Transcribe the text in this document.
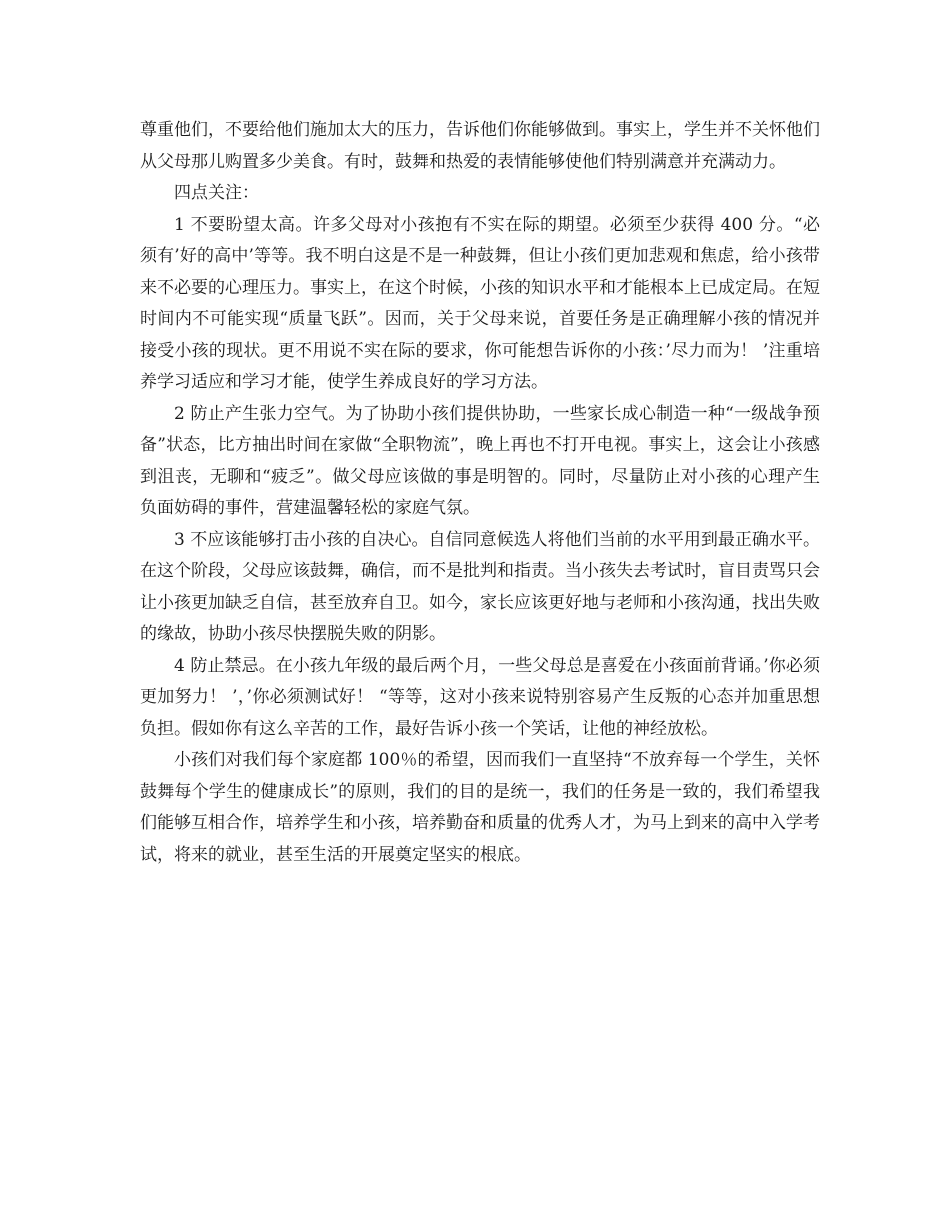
尊重他们，不要给他们施加太大的压力，告诉他们你能够做到。事实上，学生并不关怀他们从父母那儿购置多少美食。有时，鼓舞和热爱的表情能够使他们特别满意并充满动力。

四点关注：

1 不要盼望太高。许多父母对小孩抱有不实在际的期望。必须至少获得 400 分。“必须有’好的高中’等等。我不明白这是不是一种鼓舞，但让小孩们更加悲观和焦虑，给小孩带来不必要的心理压力。事实上，在这个时候，小孩的知识水平和才能根本上已成定局。在短时间内不可能实现“质量飞跃”。因而，关于父母来说，首要任务是正确理解小孩的情况并接受小孩的现状。更不用说不实在际的要求，你可能想告诉你的小孩：’尽力而为！ ’注重培养学习适应和学习才能，使学生养成良好的学习方法。

2 防止产生张力空气。为了协助小孩们提供协助，一些家长成心制造一种“一级战争预备”状态，比方抽出时间在家做“全职物流”，晚上再也不打开电视。事实上，这会让小孩感到沮丧，无聊和“疲乏”。做父母应该做的事是明智的。同时，尽量防止对小孩的心理产生负面妨碍的事件，营建温馨轻松的家庭气氛。

3 不应该能够打击小孩的自决心。自信同意候选人将他们当前的水平用到最正确水平。在这个阶段，父母应该鼓舞，确信，而不是批判和指责。当小孩失去考试时，盲目责骂只会让小孩更加缺乏自信，甚至放弃自卫。如今，家长应该更好地与老师和小孩沟通，找出失败的缘故，协助小孩尽快摆脱失败的阴影。

4 防止禁忌。在小孩九年级的最后两个月，一些父母总是喜爱在小孩面前背诵。’你必须更加努力！ ’，’你必须测试好！ “等等，这对小孩来说特别容易产生反叛的心态并加重思想负担。假如你有这么辛苦的工作，最好告诉小孩一个笑话，让他的神经放松。

小孩们对我们每个家庭都 100％的希望，因而我们一直坚持“不放弃每一个学生，关怀鼓舞每个学生的健康成长”的原则，我们的目的是统一，我们的任务是一致的，我们希望我们能够互相合作，培养学生和小孩，培养勤奋和质量的优秀人才，为马上到来的高中入学考试，将来的就业，甚至生活的开展奠定坚实的根底。
